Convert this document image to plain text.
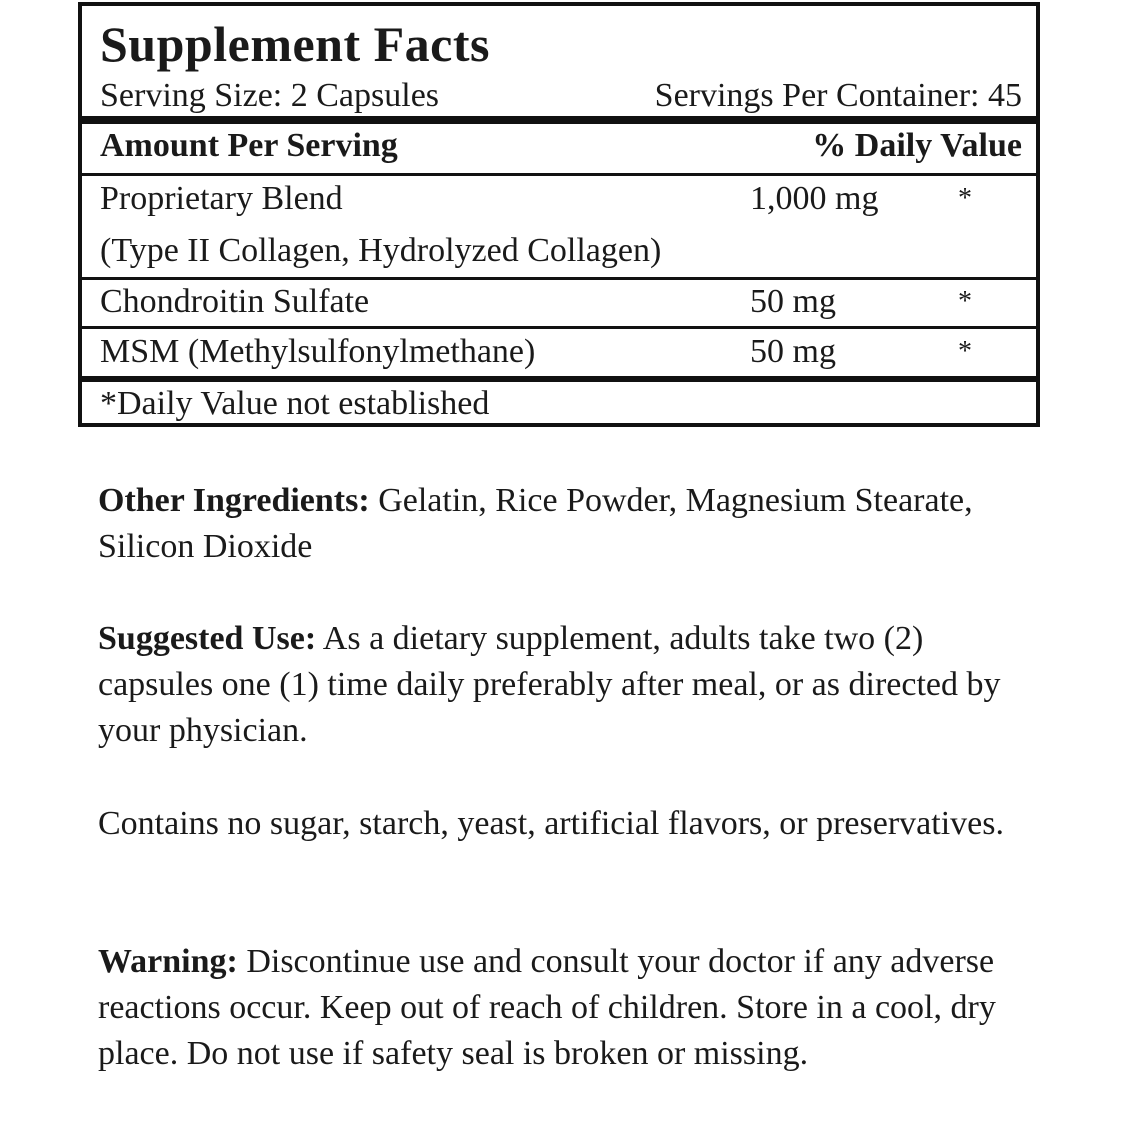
Supplement Facts
Serving Size: 2 Capsules	Servings Per Container: 45
Amount Per Serving	% Daily Value
Proprietary Blend	1,000 mg	*
(Type II Collagen, Hydrolyzed Collagen)
Chondroitin Sulfate	50 mg	*
MSM (Methylsulfonylmethane)	50 mg	*
*Daily Value not established
Other Ingredients: Gelatin, Rice Powder, Magnesium Stearate, Silicon Dioxide
Suggested Use: As a dietary supplement, adults take two (2) capsules one (1) time daily preferably after meal, or as directed by your physician.
Contains no sugar, starch, yeast, artificial flavors, or preservatives.
Warning: Discontinue use and consult your doctor if any adverse reactions occur. Keep out of reach of children. Store in a cool, dry place. Do not use if safety seal is broken or missing.
